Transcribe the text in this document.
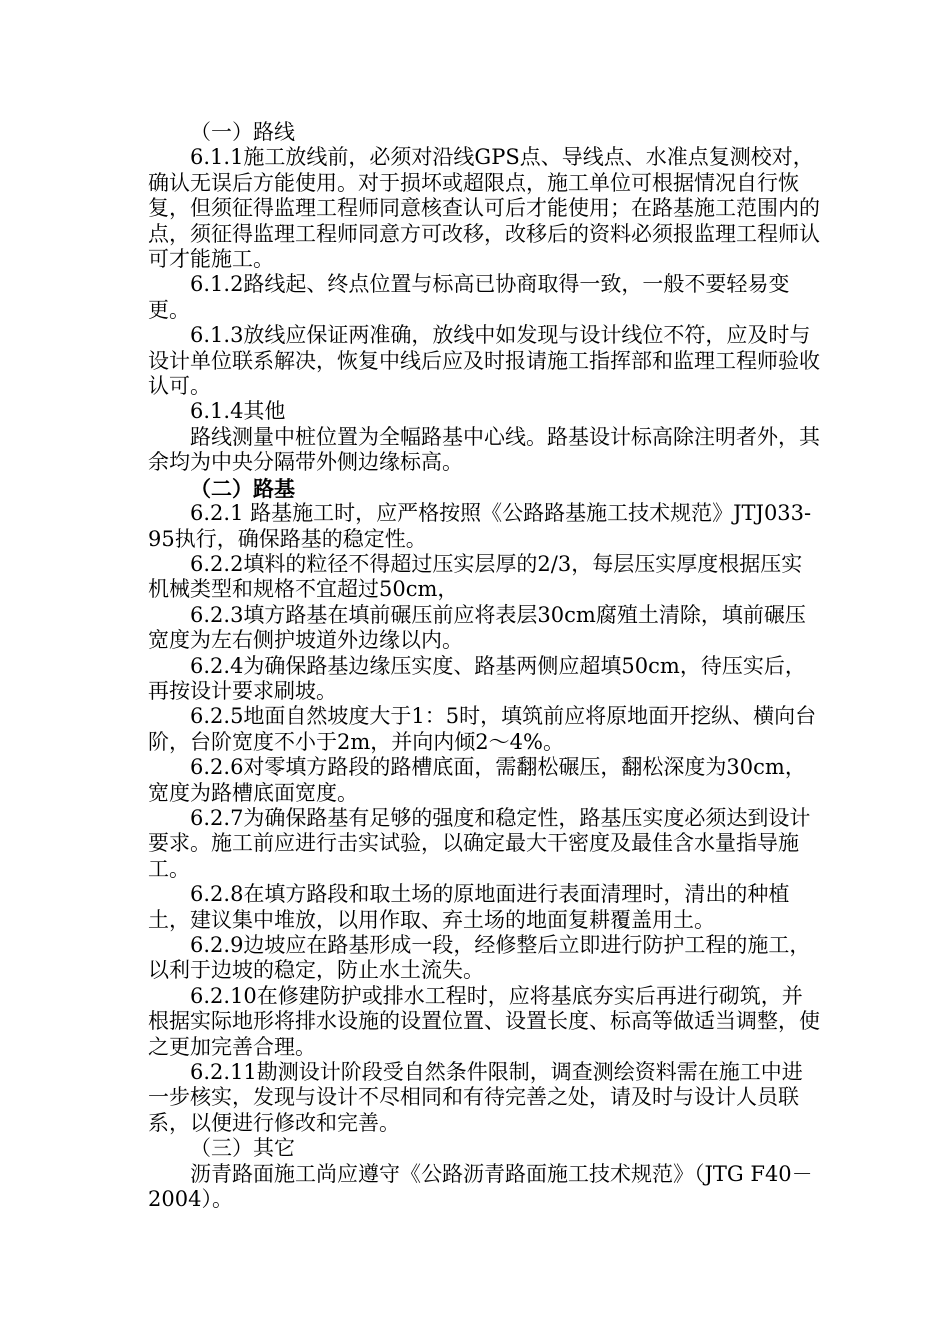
（一）路线

6.1.1施工放线前，必须对沿线GPS点、导线点、水准点复测校对，确认无误后方能使用。对于损坏或超限点，施工单位可根据情况自行恢复，但须征得监理工程师同意核查认可后才能使用；在路基施工范围内的点，须征得监理工程师同意方可改移，改移后的资料必须报监理工程师认可才能施工。

6.1.2路线起、终点位置与标高已协商取得一致，一般不要轻易变更。

6.1.3放线应保证两准确，放线中如发现与设计线位不符，应及时与设计单位联系解决，恢复中线后应及时报请施工指挥部和监理工程师验收认可。

6.1.4其他

路线测量中桩位置为全幅路基中心线。路基设计标高除注明者外，其余均为中央分隔带外侧边缘标高。

（二）路基

6.2.1 路基施工时，应严格按照《公路路基施工技术规范》JTJ033-95执行，确保路基的稳定性。

6.2.2填料的粒径不得超过压实层厚的2/3，每层压实厚度根据压实机械类型和规格不宜超过50cm，

6.2.3填方路基在填前碾压前应将表层30cm腐殖土清除，填前碾压宽度为左右侧护坡道外边缘以内。

6.2.4为确保路基边缘压实度、路基两侧应超填50cm，待压实后，再按设计要求刷坡。

6.2.5地面自然坡度大于1：5时，填筑前应将原地面开挖纵、横向台阶，台阶宽度不小于2m，并向内倾2～4%。

6.2.6对零填方路段的路槽底面，需翻松碾压，翻松深度为30cm，宽度为路槽底面宽度。

6.2.7为确保路基有足够的强度和稳定性，路基压实度必须达到设计要求。施工前应进行击实试验，以确定最大干密度及最佳含水量指导施工。

6.2.8在填方路段和取土场的原地面进行表面清理时，清出的种植土，建议集中堆放，以用作取、弃土场的地面复耕覆盖用土。

6.2.9边坡应在路基形成一段，经修整后立即进行防护工程的施工，以利于边坡的稳定，防止水土流失。

6.2.10在修建防护或排水工程时，应将基底夯实后再进行砌筑，并根据实际地形将排水设施的设置位置、设置长度、标高等做适当调整，使之更加完善合理。

6.2.11勘测设计阶段受自然条件限制，调查测绘资料需在施工中进一步核实，发现与设计不尽相同和有待完善之处，请及时与设计人员联系，以便进行修改和完善。

（三）其它

沥青路面施工尚应遵守《公路沥青路面施工技术规范》（JTG F40－2004）。
